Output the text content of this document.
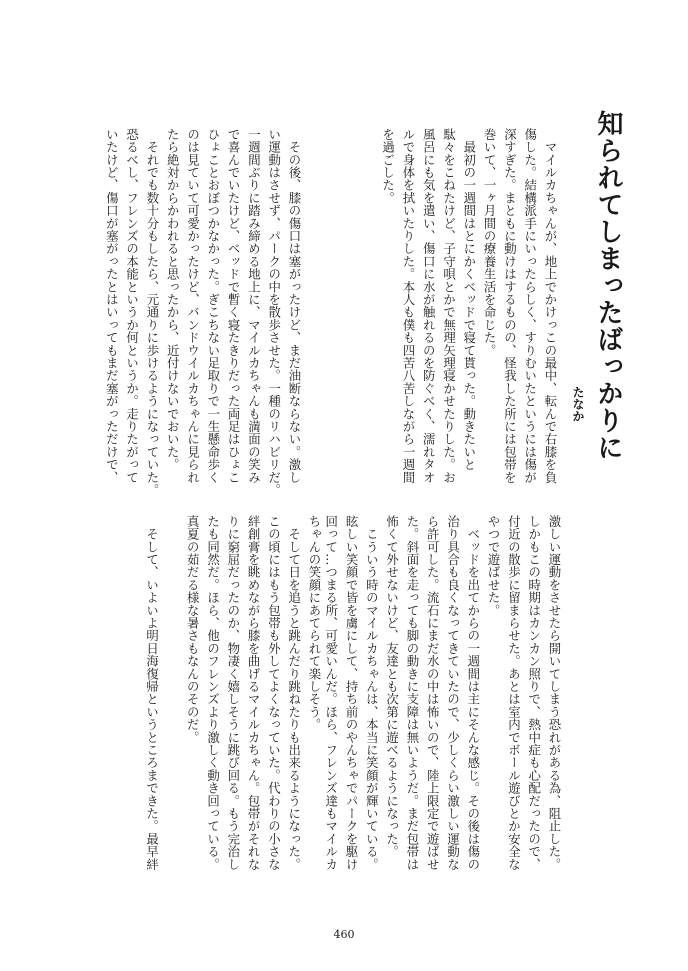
知られてしまったばっかりに
たなか

　マイルカちゃんが、地上でかけっこの最中、転んで右膝を負

傷した。結構派手にいったらしく、すりむいたというには傷が

深すぎた。まともに動けはするものの、怪我した所には包帯を

巻いて、一ヶ月間の療養生活を命じた。

　最初の一週間はとにかくベッドで寝て貰った。動きたいと

駄々をこねたけど、子守唄とかで無理矢理寝かせたりした。お

風呂にも気を遣い、傷口に水が触れるのを防ぐべく、濡れタオ

ルで身体を拭いたりした。本人も僕も四苦八苦しながら一週間

を過ごした。

　その後、膝の傷口は塞がったけど、まだ油断ならない。激し

い運動はさせず、パークの中を散歩させた。一種のリハビリだ。

一週間ぶりに踏み締める地上に、マイルカちゃんも満面の笑み

で喜んでいたけど、ベッドで暫く寝たきりだった両足はひょこ

ひょことおぼつかなかった。ぎこちない足取りで一生懸命歩く

のは見ていて可愛かったけど、バンドウイルカちゃんに見られ

たら絶対からかわれると思ったから、近付けないでおいた。

　それでも数十分もしたら、元通りに歩けるようになっていた。

恐るべし、フレンズの本能というか何というか。走りたがって

いたけど、傷口が塞がったとはいってもまだ塞がっただけで、

激しい運動をさせたら開いてしまう恐れがある為、阻止した。

しかもこの時期はカンカン照りで、熱中症も心配だったので、

付近の散歩に留まらせた。あとは室内でボール遊びとか安全な

やつで遊ばせた。

　ベッドを出てからの一週間は主にそんな感じ。その後は傷の

治り具合も良くなってきていたので、少しくらい激しい運動な

ら許可した。流石にまだ水の中は怖いので、陸上限定で遊ばせ

た。斜面を走っても脚の動きに支障は無いようだ。まだ包帯は

怖くて外せないけど、友達とも次第に遊べるようになった。

　こういう時のマイルカちゃんは、本当に笑顔が輝いている。

眩しい笑顔で皆を虜にして、持ち前のやんちゃでパークを駆け

回って…つまる所、可愛いんだ。ほら、フレンズ達もマイルカ

ちゃんの笑顔にあてられて楽しそう。

　そして日を追うと跳んだり跳ねたりも出来るようになった。

この頃にはもう包帯も外してよくなっていた。代わりの小さな

絆創膏を眺めながら膝を曲げるマイルカちゃん。包帯がそれな

りに窮屈だったのか、物凄く嬉しそうに跳び回る。もう完治し

たも同然だ。ほら、他のフレンズより激しく動き回っている。

真夏の茹だる様な暑さもなんのそのだ。

　そして、いよいよ明日海復帰というところまできた。最早絆

460
